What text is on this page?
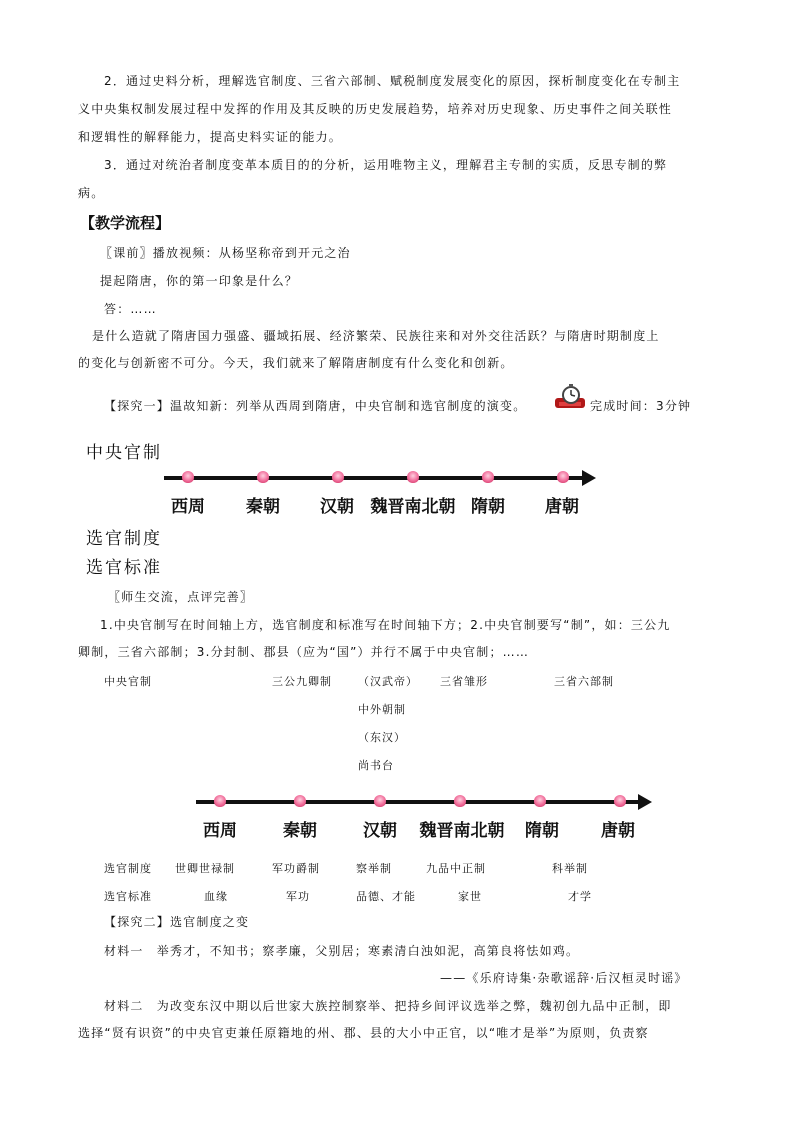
2．通过史料分析，理解选官制度、三省六部制、赋税制度发展变化的原因，探析制度变化在专制主
义中央集权制发展过程中发挥的作用及其反映的历史发展趋势，培养对历史现象、历史事件之间关联性
和逻辑性的解释能力，提高史料实证的能力。
3．通过对统治者制度变革本质目的的分析，运用唯物主义，理解君主专制的实质，反思专制的弊
病。
【教学流程】
〖课前〗播放视频：从杨坚称帝到开元之治
提起隋唐，你的第一印象是什么？
答：……
是什么造就了隋唐国力强盛、疆域拓展、经济繁荣、民族往来和对外交往活跃？与隋唐时期制度上
的变化与创新密不可分。今天，我们就来了解隋唐制度有什么变化和创新。
【探究一】温故知新：列举从西周到隋唐，中央官制和选官制度的演变。	完成时间：3分钟
中央官制
西周 秦朝 汉朝 魏晋南北朝 隋朝 唐朝
选官制度
选官标准
〖师生交流，点评完善〗
1.中央官制写在时间轴上方，选官制度和标准写在时间轴下方；2.中央官制要写“制”，如：三公九
卿制，三省六部制；3.分封制、郡县（应为“国”）并行不属于中央官制；……
中央官制	三公九卿制 （汉武帝） 三省雏形	三省六部制
中外朝制
（东汉）
尚书台
西周	秦朝	汉朝 魏晋南北朝 隋朝 唐朝
选官制度 世卿世禄制	军功爵制	察举制	九品中正制	科举制
选官标准	血缘	军功	品德、才能	家世	才学
【探究二】选官制度之变
材料一　举秀才，不知书；察孝廉，父别居；寒素清白浊如泥，高第良将怯如鸡。
——《乐府诗集·杂歌谣辞·后汉桓灵时谣》
材料二　为改变东汉中期以后世家大族控制察举、把持乡间评议选举之弊，魏初创九品中正制，即
选择“贤有识资”的中央官吏兼任原籍地的州、郡、县的大小中正官，以“唯才是举”为原则，负责察
